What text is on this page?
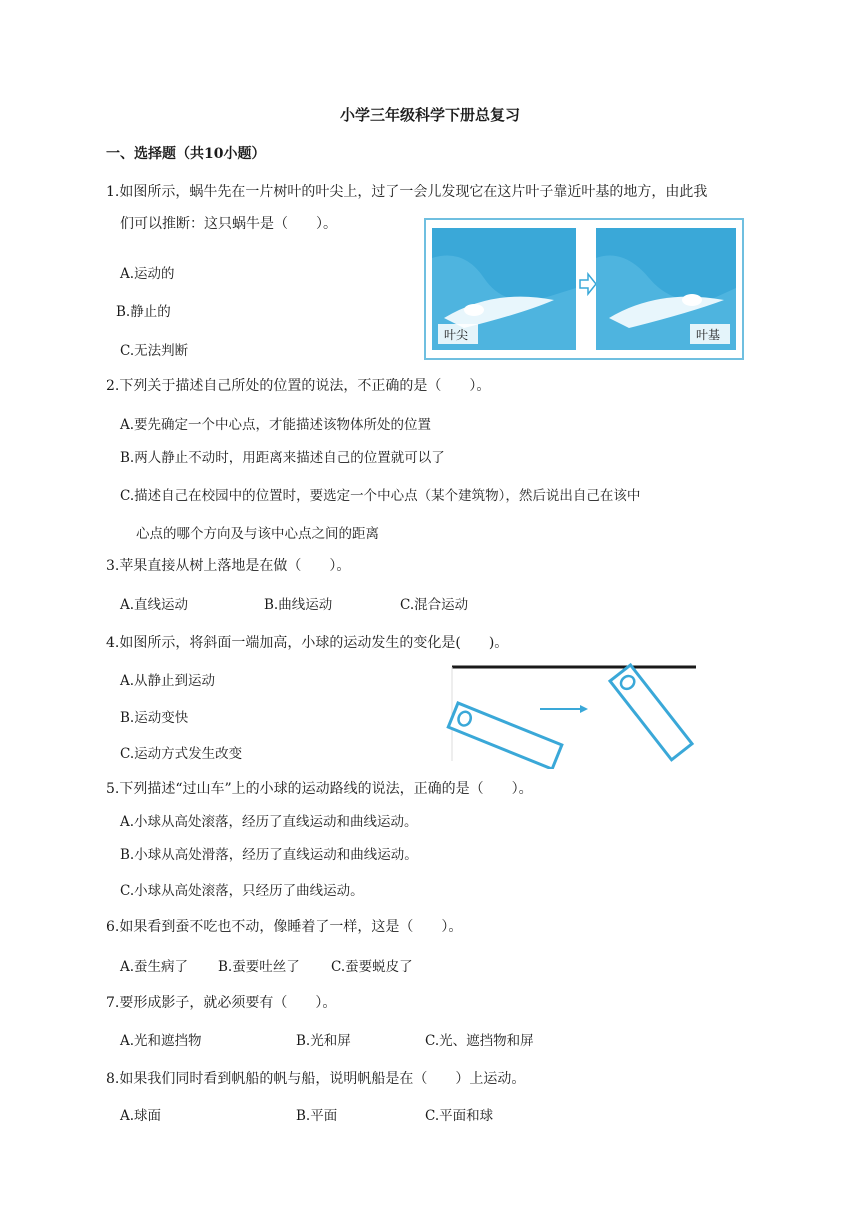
小学三年级科学下册总复习
一、选择题（共10小题）
1.如图所示，蜗牛先在一片树叶的叶尖上，过了一会儿发现它在这片叶子靠近叶基的地方，由此我
们可以推断：这只蜗牛是（　　）。
A.运动的
B.静止的
C.无法判断
叶尖	叶基
2.下列关于描述自己所处的位置的说法，不正确的是（　　）。
A.要先确定一个中心点，才能描述该物体所处的位置
B.两人静止不动时，用距离来描述自己的位置就可以了
C.描述自己在校园中的位置时，要选定一个中心点（某个建筑物），然后说出自己在该中
心点的哪个方向及与该中心点之间的距离
3.苹果直接从树上落地是在做（　　）。
A.直线运动	B.曲线运动	C.混合运动
4.如图所示，将斜面一端加高，小球的运动发生的变化是(　　)。
A.从静止到运动
B.运动变快
C.运动方式发生改变
5.下列描述“过山车”上的小球的运动路线的说法，正确的是（　　）。
A.小球从高处滚落，经历了直线运动和曲线运动。
B.小球从高处滑落，经历了直线运动和曲线运动。
C.小球从高处滚落，只经历了曲线运动。
6.如果看到蚕不吃也不动，像睡着了一样，这是（　　）。
A.蚕生病了 B.蚕要吐丝了 C.蚕要蜕皮了
7.要形成影子，就必须要有（　　）。
A.光和遮挡物	B.光和屏	C.光、遮挡物和屏
8.如果我们同时看到帆船的帆与船，说明帆船是在（　　）上运动。
A.球面	B.平面	C.平面和球
